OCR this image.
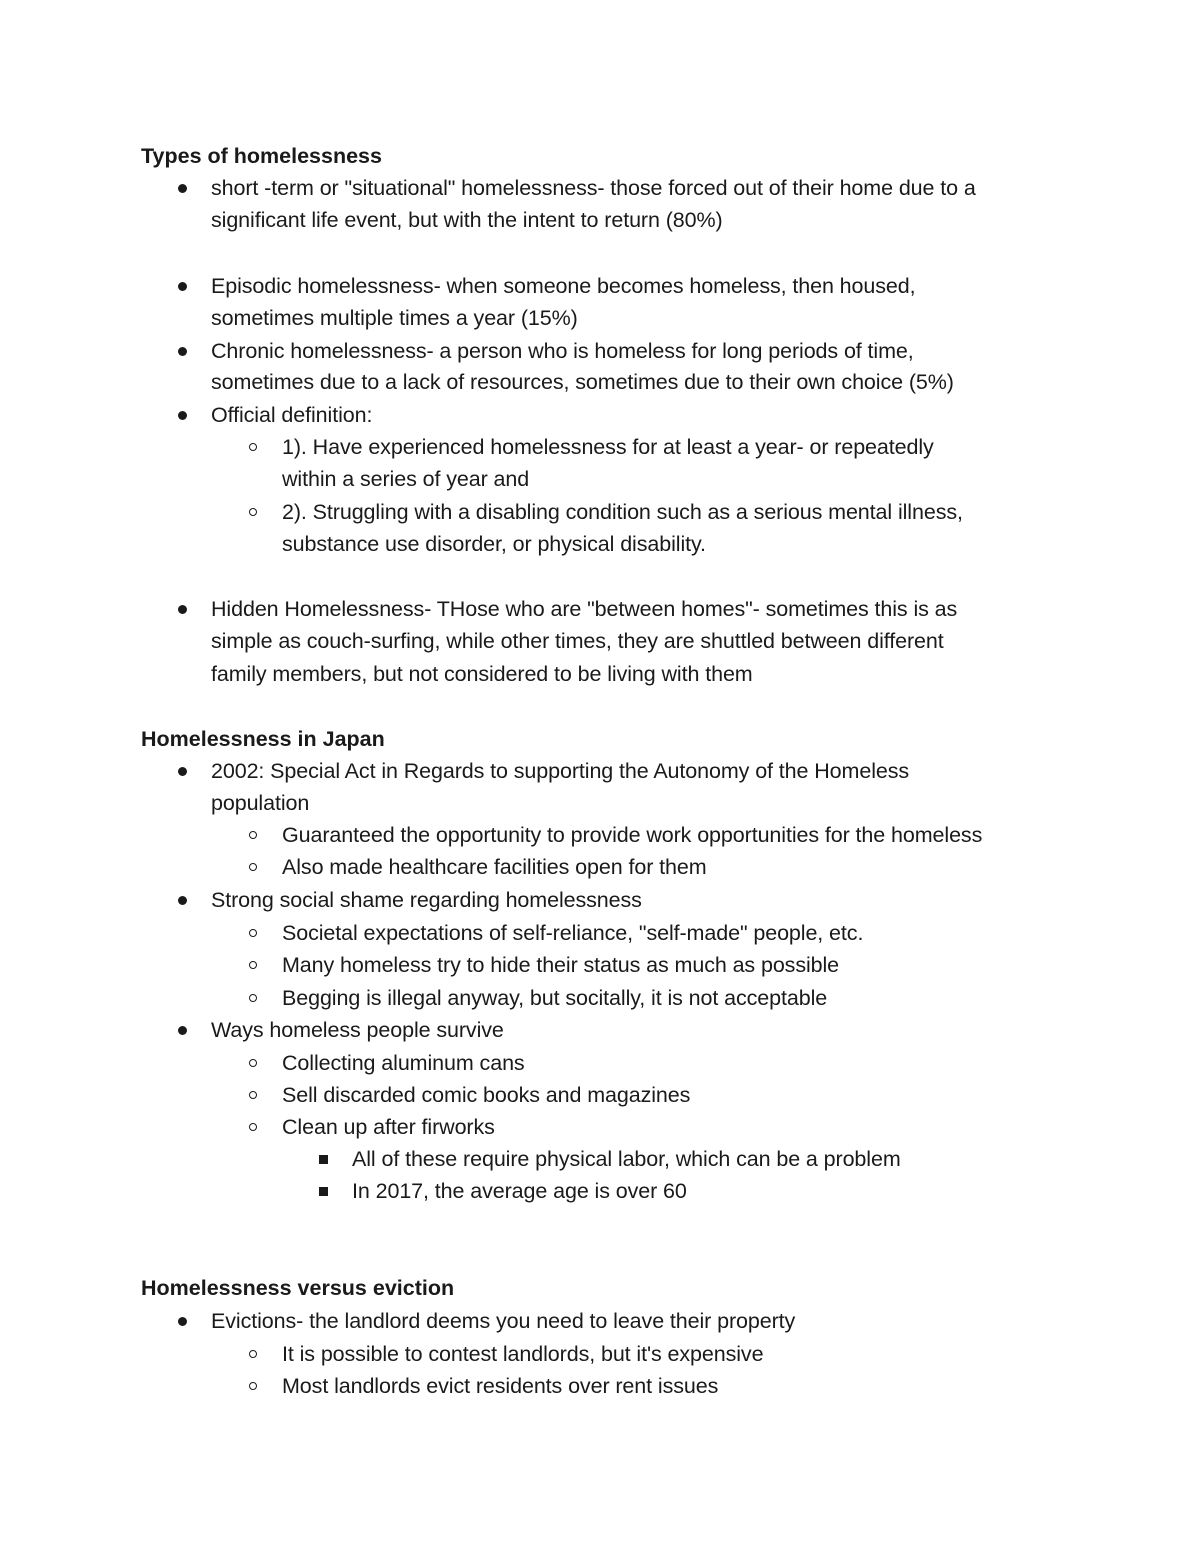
Types of homelessness
short -term or "situational" homelessness- those forced out of their home due to a
significant life event, but with the intent to return (80%)
Episodic homelessness- when someone becomes homeless, then housed,
sometimes multiple times a year (15%)
Chronic homelessness- a person who is homeless for long periods of time,
sometimes due to a lack of resources, sometimes due to their own choice (5%)
Official definition:
1). Have experienced homelessness for at least a year- or repeatedly
within a series of year and
2). Struggling with a disabling condition such as a serious mental illness,
substance use disorder, or physical disability.
Hidden Homelessness- THose who are "between homes"- sometimes this is as
simple as couch-surfing, while other times, they are shuttled between different
family members, but not considered to be living with them
Homelessness in Japan
2002: Special Act in Regards to supporting the Autonomy of the Homeless
population
Guaranteed the opportunity to provide work opportunities for the homeless
Also made healthcare facilities open for them
Strong social shame regarding homelessness
Societal expectations of self-reliance, "self-made" people, etc.
Many homeless try to hide their status as much as possible
Begging is illegal anyway, but socitally, it is not acceptable
Ways homeless people survive
Collecting aluminum cans
Sell discarded comic books and magazines
Clean up after firworks
All of these require physical labor, which can be a problem
In 2017, the average age is over 60
Homelessness versus eviction
Evictions- the landlord deems you need to leave their property
It is possible to contest landlords, but it's expensive
Most landlords evict residents over rent issues
